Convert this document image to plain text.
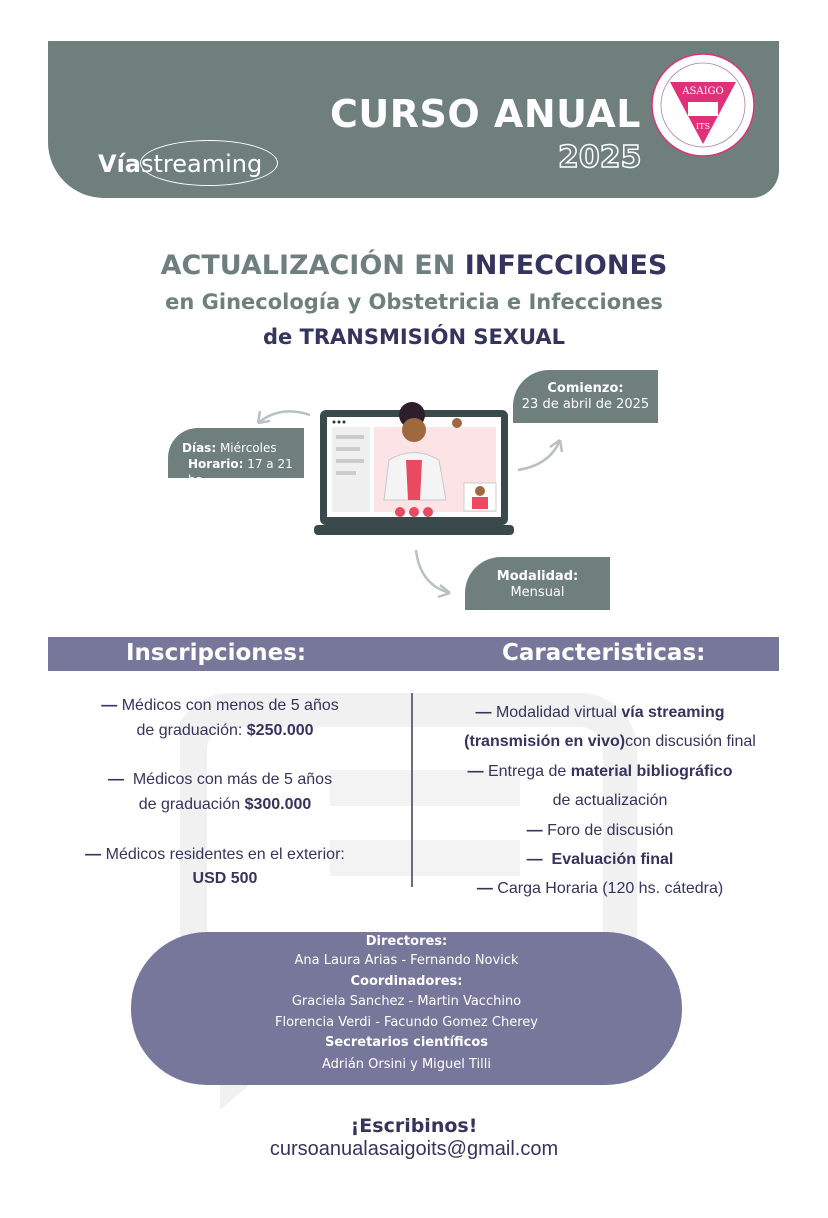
CURSO ANUAL
2025
Víastreaming
ASAIGO
ITS
ACTUALIZACIÓN EN INFECCIONES
en Ginecología y Obstetricia e Infecciones
de TRANSMISIÓN SEXUAL
Comienzo:
23 de abril de 2025
Días: Miércoles
Horario: 17 a 21 hs.
Modalidad:
Mensual
Inscripciones:	Caracteristicas:
— Médicos con menos de 5 años
de graduación: $250.000
—  Médicos con más de 5 años
de graduación $300.000
— Médicos residentes en el exterior:
USD 500
— Modalidad virtual vía streaming
(transmisión en vivo)con discusión final
— Entrega de material bibliográfico
de actualización
— Foro de discusión
—  Evaluación final
— Carga Horaria (120 hs. cátedra)
Directores:
Ana Laura Arias - Fernando Novick
Coordinadores:
Graciela Sanchez - Martin Vacchino
Florencia Verdi - Facundo Gomez Cherey
Secretarios científicos
Adrián Orsini y Miguel Tilli
¡Escribinos!
cursoanualasaigoits@gmail.com
